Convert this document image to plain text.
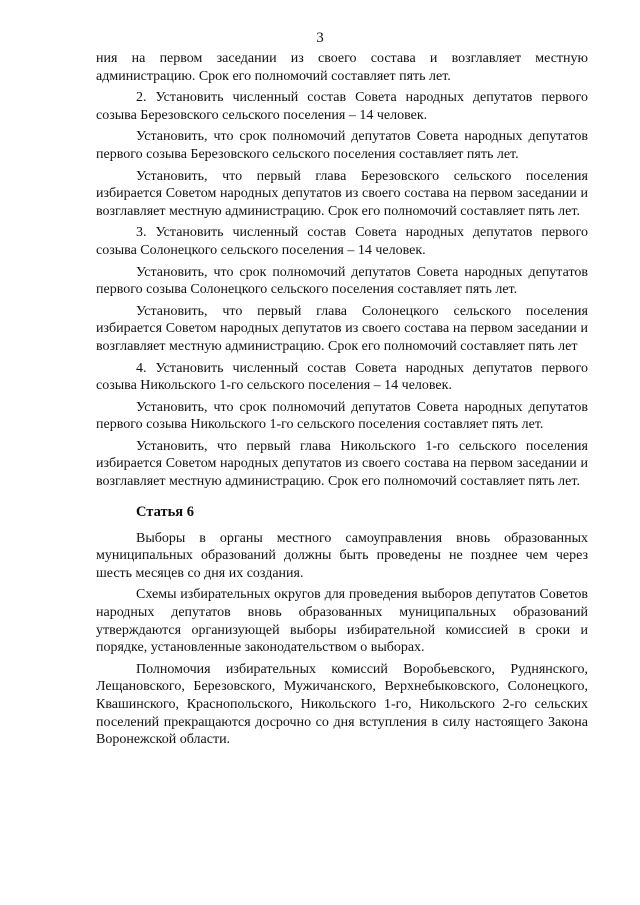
3

ния на первом заседании из своего состава и возглавляет местную администрацию. Срок его полномочий составляет пять лет.

2. Установить численный состав Совета народных депутатов первого созыва Березовского сельского поселения – 14 человек.

Установить, что срок полномочий депутатов Совета народных депутатов первого созыва Березовского сельского поселения составляет пять лет.

Установить, что первый глава Березовского сельского поселения избирается Советом народных депутатов из своего состава на первом заседании и возглавляет местную администрацию. Срок его полномочий составляет пять лет.

3. Установить численный состав Совета народных депутатов первого созыва Солонецкого сельского поселения – 14 человек.

Установить, что срок полномочий депутатов Совета народных депутатов первого созыва Солонецкого сельского поселения составляет пять лет.

Установить, что первый глава Солонецкого сельского поселения избирается Советом народных депутатов из своего состава на первом заседании и возглавляет местную администрацию. Срок его полномочий составляет пять лет

4. Установить численный состав Совета народных депутатов первого созыва Никольского 1-го сельского поселения – 14 человек.

Установить, что срок полномочий депутатов Совета народных депутатов первого созыва Никольского 1-го сельского поселения составляет пять лет.

Установить, что первый глава Никольского 1-го сельского поселения избирается Советом народных депутатов из своего состава на первом заседании и возглавляет местную администрацию. Срок его полномочий составляет пять лет.

Статья 6

Выборы в органы местного самоуправления вновь образованных муниципальных образований должны быть проведены не позднее чем через шесть месяцев со дня их создания.

Схемы избирательных округов для проведения выборов депутатов Советов народных депутатов вновь образованных муниципальных образований утверждаются организующей выборы избирательной комиссией в сроки и порядке, установленные законодательством о выборах.

Полномочия избирательных комиссий Воробьевского, Руднянского, Лещановского, Березовского, Мужичанского, Верхнебыковского, Солонецкого, Квашинского, Краснопольского, Никольского 1-го, Никольского 2-го сельских поселений прекращаются досрочно со дня вступления в силу настоящего Закона Воронежской области.
